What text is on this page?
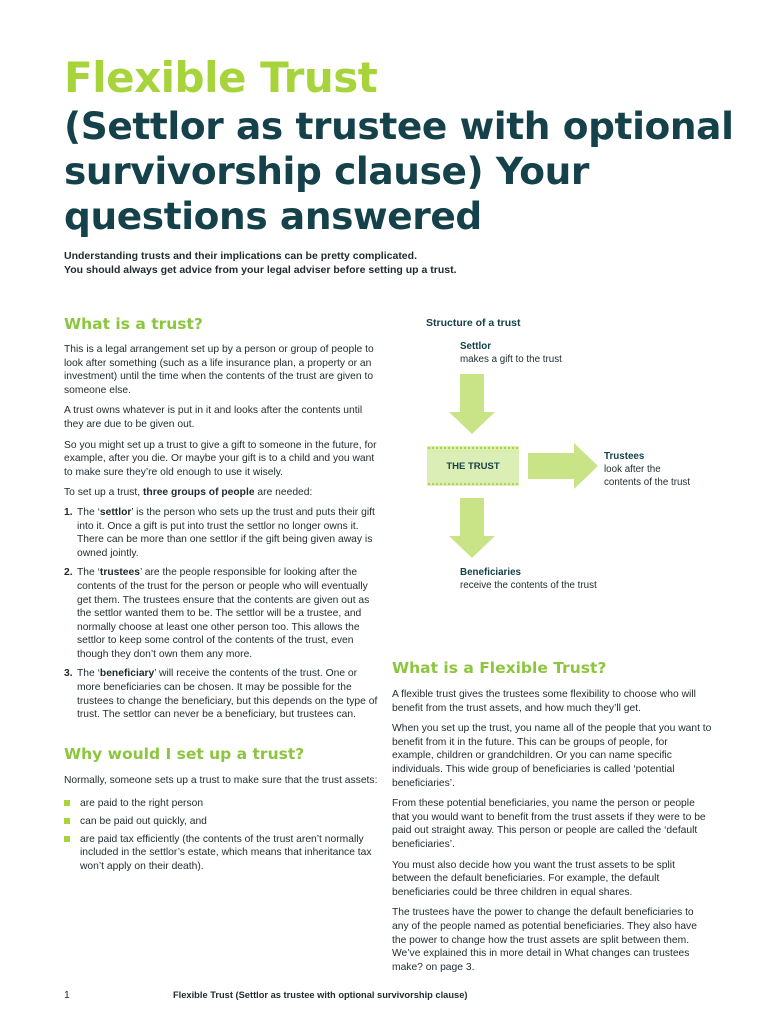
Flexible Trust
(Settlor as trustee with optional survivorship clause) Your questions answered
Understanding trusts and their implications can be pretty complicated.
You should always get advice from your legal adviser before setting up a trust.
What is a trust?

This is a legal arrangement set up by a person or group of people to look after something (such as a life insurance plan, a property or an investment) until the time when the contents of the trust are given to someone else.

A trust owns whatever is put in it and looks after the contents until they are due to be given out.

So you might set up a trust to give a gift to someone in the future, for example, after you die. Or maybe your gift is to a child and you want to make sure they’re old enough to use it wisely.

To set up a trust, three groups of people are needed:

1. The ‘settlor’ is the person who sets up the trust and puts their gift into it. Once a gift is put into trust the settlor no longer owns it. There can be more than one settlor if the gift being given away is owned jointly.
2. The ‘trustees’ are the people responsible for looking after the contents of the trust for the person or people who will eventually get them. The trustees ensure that the contents are given out as the settlor wanted them to be. The settlor will be a trustee, and normally choose at least one other person too. This allows the settlor to keep some control of the contents of the trust, even though they don’t own them any more.
3. The ‘beneficiary’ will receive the contents of the trust. One or more beneficiaries can be chosen. It may be possible for the trustees to change the beneficiary, but this depends on the type of trust. The settlor can never be a beneficiary, but trustees can.
Why would I set up a trust?

Normally, someone sets up a trust to make sure that the trust assets:

are paid to the right person
can be paid out quickly, and
are paid tax efficiently (the contents of the trust aren’t normally included in the settlor’s estate, which means that inheritance tax won’t apply on their death).
Structure of a trust
Settlor
makes a gift to the trust
THE TRUST
Trustees
look after the
contents of the trust
Beneficiaries
receive the contents of the trust
What is a Flexible Trust?

A flexible trust gives the trustees some flexibility to choose who will benefit from the trust assets, and how much they’ll get.

When you set up the trust, you name all of the people that you want to benefit from it in the future. This can be groups of people, for example, children or grandchildren. Or you can name specific individuals. This wide group of beneficiaries is called ‘potential beneficiaries’.

From these potential beneficiaries, you name the person or people that you would want to benefit from the trust assets if they were to be paid out straight away. This person or people are called the ‘default beneficiaries’.

You must also decide how you want the trust assets to be split between the default beneficiaries. For example, the default beneficiaries could be three children in equal shares.

The trustees have the power to change the default beneficiaries to any of the people named as potential beneficiaries. They also have the power to change how the trust assets are split between them. We’ve explained this in more detail in What changes can trustees make? on page 3.

1	Flexible Trust (Settlor as trustee with optional survivorship clause)
